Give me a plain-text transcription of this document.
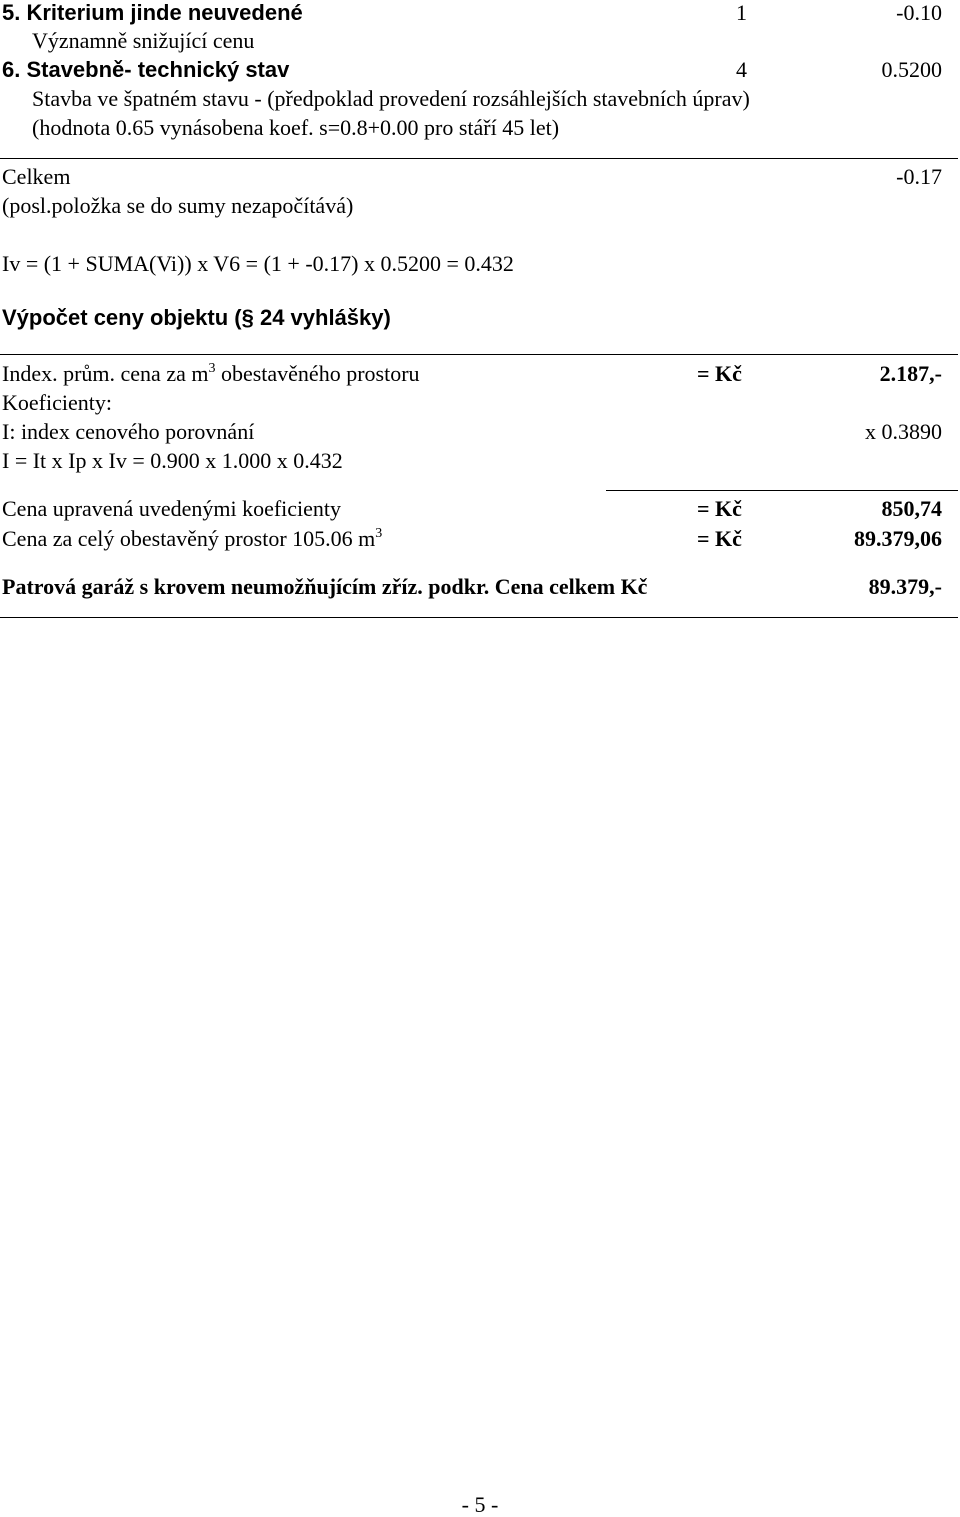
5. Kriterium jinde neuvedené	1	-0.10
Významně snižující cenu
6. Stavebně- technický stav	4	0.5200
Stavba ve špatném stavu - (předpoklad provedení rozsáhlejších stavebních úprav)
(hodnota 0.65 vynásobena koef. s=0.8+0.00 pro stáří 45 let)
Celkem	-0.17
(posl.položka se do sumy nezapočítává)
Iv = (1 + SUMA(Vi)) x V6 = (1 + -0.17) x 0.5200 = 0.432
Výpočet ceny objektu (§ 24 vyhlášky)
Index. prům. cena za $m^3$ obestavěného prostoru	= Kč	2.187,-
Koeficienty:
I: index cenového porovnání	x 0.3890
I = It x Ip x Iv = 0.900 x 1.000 x 0.432
Cena upravená uvedenými koeficienty	= Kč	850,74
Cena za celý obestavěný prostor 105.06 $m^3$	= Kč	89.379,06
Patrová garáž s krovem neumožňujícím zříz. podkr. Cena celkem Kč	89.379,-
- 5 -
